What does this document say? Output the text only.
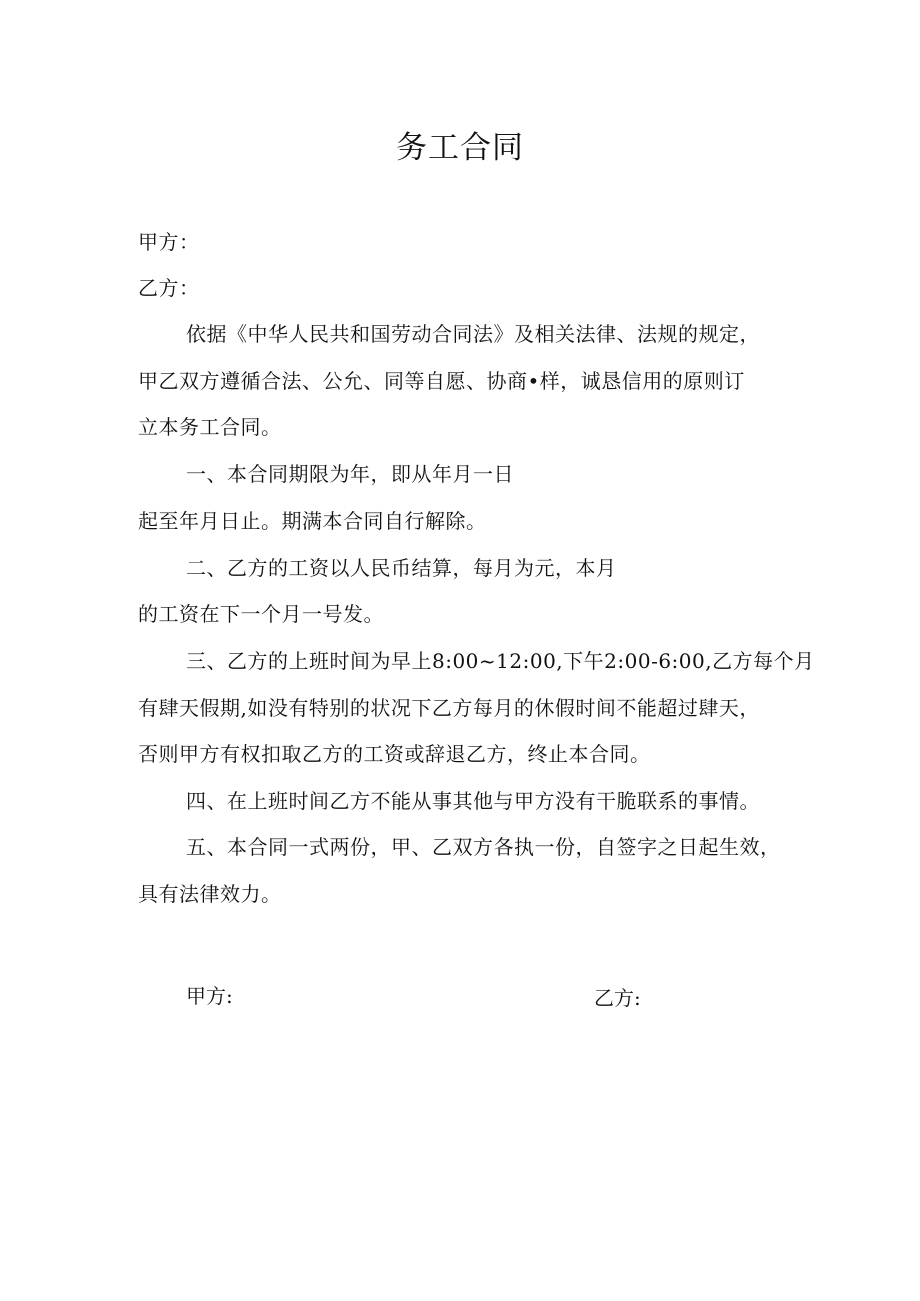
务工合同
甲方：
乙方：
依据《中华人民共和国劳动合同法》及相关法律、法规的规定，
甲乙双方遵循合法、公允、同等自愿、协商•样，诚恳信用的原则订
立本务工合同。
一、本合同期限为年，即从年月一日
起至年月日止。期满本合同自行解除。
二、乙方的工资以人民币结算，每月为元，本月
的工资在下一个月一号发。
三、乙方的上班时间为早上8:00~12:00,下午2:00-6:00,乙方每个月
有肆天假期,如没有特别的状况下乙方每月的休假时间不能超过肆天，
否则甲方有权扣取乙方的工资或辞退乙方，终止本合同。
四、在上班时间乙方不能从事其他与甲方没有干脆联系的事情。
五、本合同一式两份，甲、乙双方各执一份，自签字之日起生效，
具有法律效力。
甲方:	乙方:
